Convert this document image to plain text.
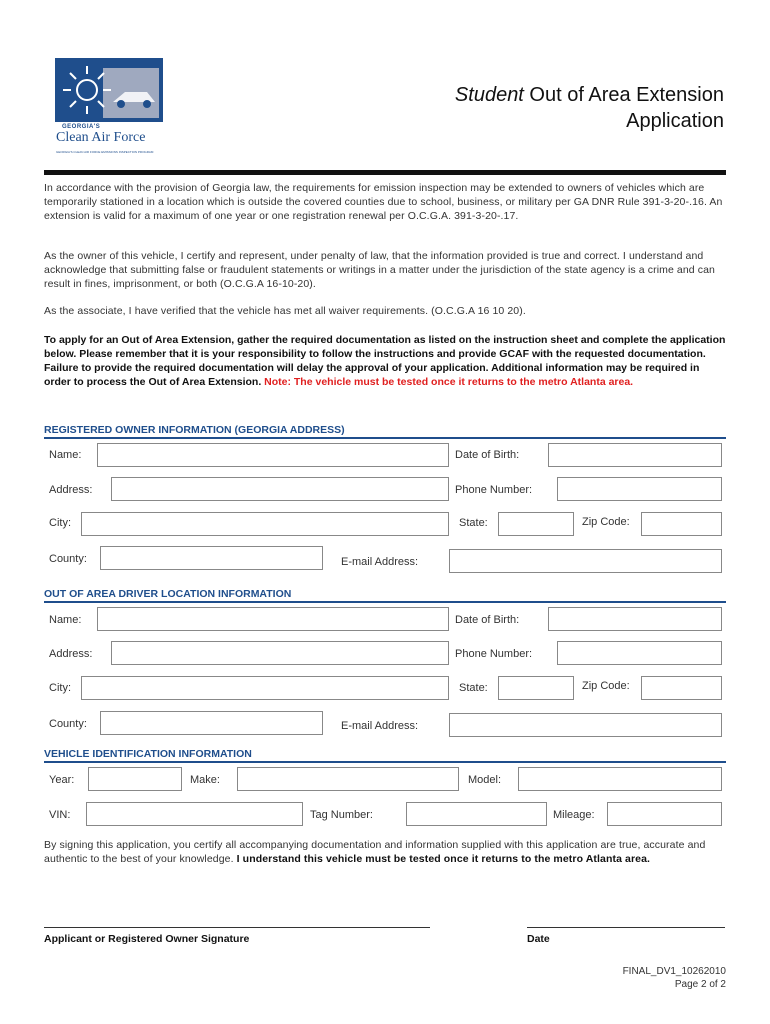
GEORGIA'S
Clean Air Force
GEORGIA'S CLEAN AIR FORCE EMISSIONS INSPECTION PROGRAM
Student Out of Area Extension
Application
In accordance with the provision of Georgia law, the requirements for emission inspection may be extended to owners of vehicles which are temporarily stationed in a location which is outside the covered counties due to school, business, or military per GA DNR Rule 391-3-20-.16. An extension is valid for a maximum of one year or one registration renewal per O.C.G.A. 391-3-20-.17.
As the owner of this vehicle, I certify and represent, under penalty of law, that the information provided is true and correct. I understand and acknowledge that submitting false or fraudulent statements or writings in a matter under the jurisdiction of the state agency is a crime and can result in fines, imprisonment, or both (O.C.G.A 16-10-20).
As the associate, I have verified that the vehicle has met all waiver requirements. (O.C.G.A 16 10 20).
To apply for an Out of Area Extension, gather the required documentation as listed on the instruction sheet and complete the application below. Please remember that it is your responsibility to follow the instructions and provide GCAF with the requested documentation. Failure to provide the required documentation will delay the approval of your application. Additional information may be required in order to process the Out of Area Extension. Note: The vehicle must be tested once it returns to the metro Atlanta area.
REGISTERED OWNER INFORMATION (GEORGIA ADDRESS)
Name:	Date of Birth:
Address:	Phone Number:
City:	State:	Zip Code:
County:	E-mail Address:
OUT OF AREA DRIVER LOCATION INFORMATION
Name:	Date of Birth:
Address:	Phone Number:
City:	State:	Zip Code:
County:	E-mail Address:
VEHICLE IDENTIFICATION INFORMATION
Year:	Make:	Model:
VIN:	Tag Number:	Mileage:
By signing this application, you certify all accompanying documentation and information supplied with this application are true, accurate and authentic to the best of your knowledge. I understand this vehicle must be tested once it returns to the metro Atlanta area.
Applicant or Registered Owner Signature	Date
FINAL_DV1_10262010
Page 2 of 2
